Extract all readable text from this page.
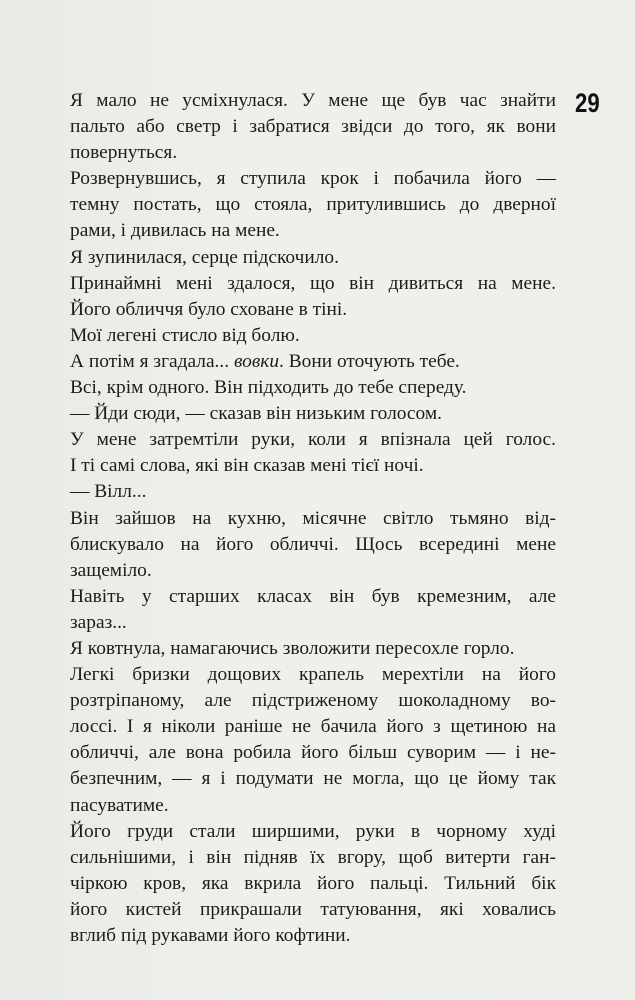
29
Я мало не усміхнулася. У мене ще був час знайти
пальто або светр і забратися звідси до того, як вони
повернуться.
Розвернувшись, я ступила крок і побачила його —
темну постать, що стояла, притулившись до дверної
рами, і дивилась на мене.
Я зупинилася, серце підскочило.
Принаймні мені здалося, що він дивиться на мене.
Його обличчя було сховане в тіні.
Мої легені стисло від болю.
А потім я згадала... вовки. Вони оточують тебе.
Всі, крім одного. Він підходить до тебе спереду.
— Йди сюди, — сказав він низьким голосом.
У мене затремтіли руки, коли я впізнала цей голос.
І ті самі слова, які він сказав мені тієї ночі.
— Вілл...
Він зайшов на кухню, місячне світло тьмяно від-
блискувало на його обличчі. Щось всередині мене
защеміло.
Навіть у старших класах він був кремезним, але
зараз...
Я ковтнула, намагаючись зволожити пересохле горло.
Легкі бризки дощових крапель мерехтіли на його
розтріпаному, але підстриженому шоколадному во-
лоссі. І я ніколи раніше не бачила його з щетиною на
обличчі, але вона робила його більш суворим — і не-
безпечним, — я і подумати не могла, що це йому так
пасуватиме.
Його груди стали ширшими, руки в чорному худі
сильнішими, і він підняв їх вгору, щоб витерти ган-
чіркою кров, яка вкрила його пальці. Тильний бік
його кистей прикрашали татуювання, які ховались
вглиб під рукавами його кофтини.
